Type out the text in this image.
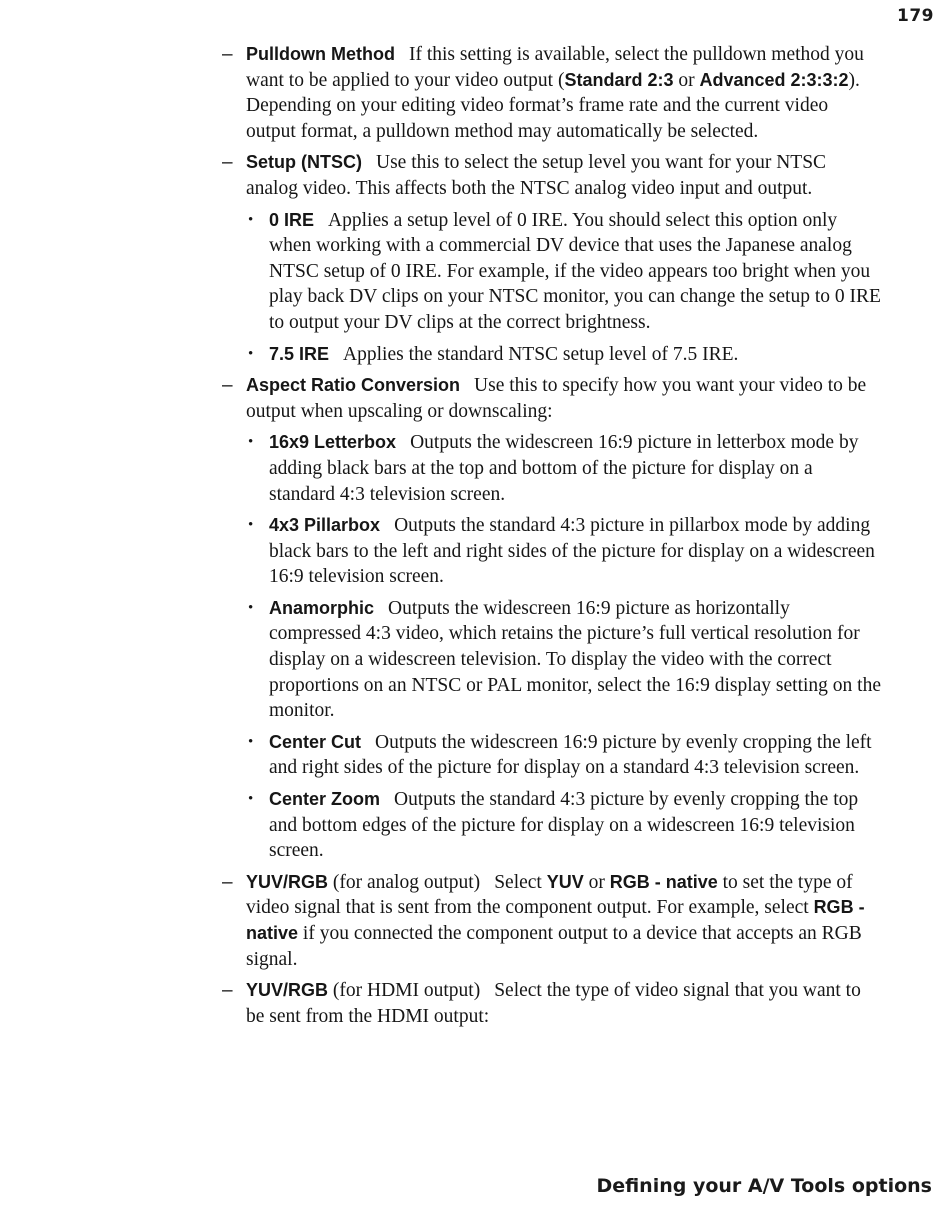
179
– Pulldown Method If this setting is available, select the pulldown method you want to be applied to your video output (Standard 2:3 or Advanced 2:3:3:2). Depending on your editing video format’s frame rate and the current video output format, a pulldown method may automatically be selected.
– Setup (NTSC) Use this to select the setup level you want for your NTSC analog video. This affects both the NTSC analog video input and output.
• 0 IRE Applies a setup level of 0 IRE. You should select this option only when working with a commercial DV device that uses the Japanese analog NTSC setup of 0 IRE. For example, if the video appears too bright when you play back DV clips on your NTSC monitor, you can change the setup to 0 IRE to output your DV clips at the correct brightness.
• 7.5 IRE Applies the standard NTSC setup level of 7.5 IRE.
– Aspect Ratio Conversion Use this to specify how you want your video to be output when upscaling or downscaling:
• 16x9 Letterbox Outputs the widescreen 16:9 picture in letterbox mode by adding black bars at the top and bottom of the picture for display on a standard 4:3 television screen.
• 4x3 Pillarbox Outputs the standard 4:3 picture in pillarbox mode by adding black bars to the left and right sides of the picture for display on a widescreen 16:9 television screen.
• Anamorphic Outputs the widescreen 16:9 picture as horizontally compressed 4:3 video, which retains the picture’s full vertical resolution for display on a widescreen television. To display the video with the correct proportions on an NTSC or PAL monitor, select the 16:9 display setting on the monitor.
• Center Cut Outputs the widescreen 16:9 picture by evenly cropping the left and right sides of the picture for display on a standard 4:3 television screen.
• Center Zoom Outputs the standard 4:3 picture by evenly cropping the top and bottom edges of the picture for display on a widescreen 16:9 television screen.
– YUV/RGB (for analog output) Select YUV or RGB - native to set the type of video signal that is sent from the component output. For example, select RGB - native if you connected the component output to a device that accepts an RGB signal.
– YUV/RGB (for HDMI output) Select the type of video signal that you want to be sent from the HDMI output:
Defining your A/V Tools options
